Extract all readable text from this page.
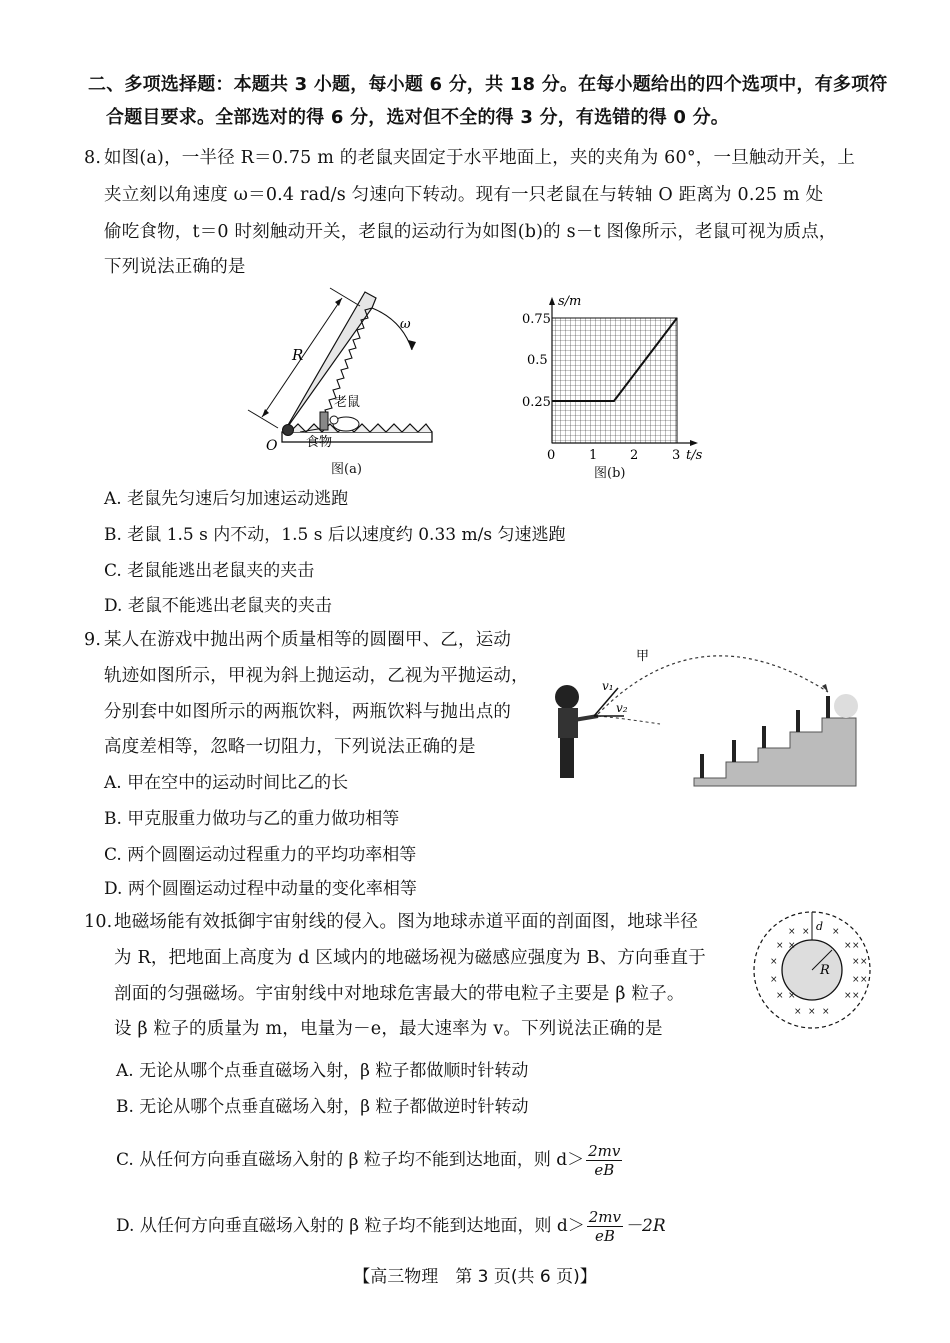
二、多项选择题：本题共 3 小题，每小题 6 分，共 18 分。在每小题给出的四个选项中，有多项符
合题目要求。全部选对的得 6 分，选对但不全的得 3 分，有选错的得 0 分。
8. 如图(a)，一半径 R＝0.75 m 的老鼠夹固定于水平地面上，夹的夹角为 60°，一旦触动开关，上
夹立刻以角速度 ω＝0.4 rad/s 匀速向下转动。现有一只老鼠在与转轴 O 距离为 0.25 m 处
偷吃食物，t＝0 时刻触动开关，老鼠的运动行为如图(b)的 s－t 图像所示，老鼠可视为质点，
下列说法正确的是
R
ω
老鼠
食物
O
图(a)
0.75
0.5
0.25
0	1	2	3
s/m
t/s
图(b)
A. 老鼠先匀速后匀加速运动逃跑
B. 老鼠 1.5 s 内不动，1.5 s 后以速度约 0.33 m/s 匀速逃跑
C. 老鼠能逃出老鼠夹的夹击
D. 老鼠不能逃出老鼠夹的夹击
9. 某人在游戏中抛出两个质量相等的圆圈甲、乙，运动
轨迹如图所示，甲视为斜上抛运动，乙视为平抛运动，
分别套中如图所示的两瓶饮料，两瓶饮料与抛出点的
高度差相等，忽略一切阻力，下列说法正确的是
v₁
v₂
甲
A. 甲在空中的运动时间比乙的长
B. 甲克服重力做功与乙的重力做功相等
C. 两个圆圈运动过程重力的平均功率相等
D. 两个圆圈运动过程中动量的变化率相等
10. 地磁场能有效抵御宇宙射线的侵入。图为地球赤道平面的剖面图，地球半径
为 R，把地面上高度为 d 区域内的地磁场视为磁感应强度为 B、方向垂直于
剖面的匀强磁场。宇宙射线中对地球危害最大的带电粒子主要是 β 粒子。
设 β 粒子的质量为 m，电量为－e，最大速率为 v。下列说法正确的是
× × ×
× ×	× ×
×	× ×
×	× ×
× ×	× ×
× × ×
d
R
A. 无论从哪个点垂直磁场入射，β 粒子都做顺时针转动
B. 无论从哪个点垂直磁场入射，β 粒子都做逆时针转动
C. 从任何方向垂直磁场入射的 β 粒子均不能到达地面，则 $d> \frac{2mv}{eB}$
D. 从任何方向垂直磁场入射的 β 粒子均不能到达地面，则 $d> \frac{2mv}{eB} -2R$
【高三物理　第 3 页(共 6 页)】
